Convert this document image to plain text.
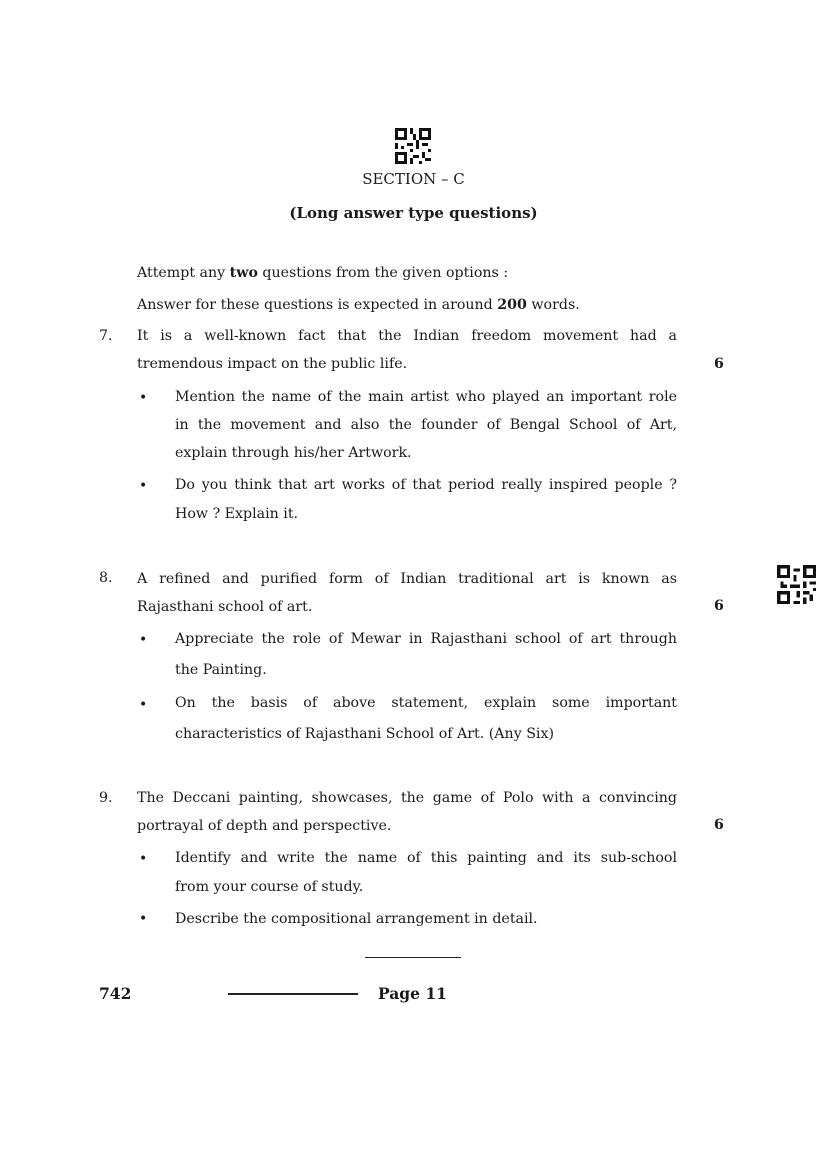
SECTION – C
(Long answer type questions)
Attempt any two questions from the given options :
Answer for these questions is expected in around 200 words.
7. It is a well-known fact that the Indian freedom movement had a
tremendous impact on the public life.	6
• Mention the name of the main artist who played an important role
in the movement and also the founder of Bengal School of Art,
explain through his/her Artwork.
• Do you think that art works of that period really inspired people ?
How ? Explain it.
8. A refined and purified form of Indian traditional art is known as
Rajasthani school of art.	6
• Appreciate the role of Mewar in Rajasthani school of art through
the Painting.
• On the basis of above statement, explain some important
characteristics of Rajasthani School of Art. (Any Six)
9. The Deccani painting, showcases, the game of Polo with a convincing
portrayal of depth and perspective.	6
• Identify and write the name of this painting and its sub-school
from your course of study.
• Describe the compositional arrangement in detail.
742	Page 11
